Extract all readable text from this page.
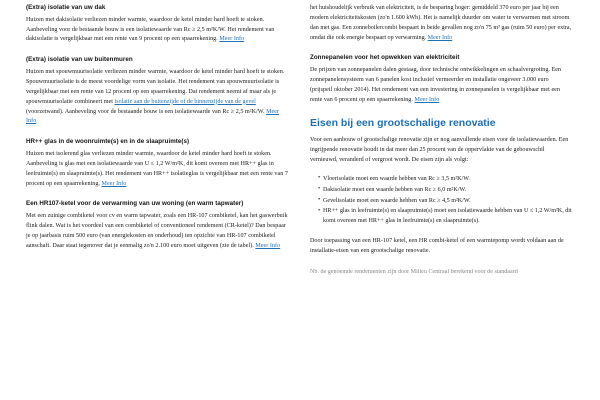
(Extra) isolatie van uw dak

Huizen met dakisolatie verliezen minder warmte, waardoor de ketel minder hard hoeft te stoken. Aanbeveling voor de bestaande bouw is een isolatiewaarde van Rc ≥ 2,5 m²K/W. Het rendement van dakisolatie is vergelijkbaar met een rente van 9 procent op een spaarrekening. Meer Info

(Extra) isolatie van uw buitenmuren

Huizen met spouwmuurisolatie verliezen minder warmte, waardoor de ketel minder hard hoeft te stoken. Spouwmuurisolatie is de meest voordelige vorm van isolatie. Het rendement van spouwmuurisolatie is vergelijkbaar met een rente van 12 procent op een spaarrekening. Dat rendement neemt af maar als je spouwmuurisolatie combineert met isolatie aan de buitenzijde of de binnenzijde van de gevel (voorzetwand). Aanbeveling voor de bestaande bouw is een isolatiewaarde van Rc ≥ 2,5 m²K/W. Meer Info

HR++ glas in de woonruimte(s) en in de slaapruimte(s)

Huizen met isolerend glas verliezen minder warmte, waardoor de ketel minder hard hoeft te stoken. Aanbeveling is glas met een isolatiewaarde van U ≤ 1,2 W/m²K, dit komt overeen met HR++ glas in leefruimte(s) en slaapruimte(s). Het rendement van HR++ isolatieglas is vergelijkbaar met een rente van 7 procent op een spaarrekening. Meer Info

Een HR107-ketel voor de verwarming van uw woning (en warm tapwater)

Met een zuinige combiketel voor cv en warm tapwater, zoals een HR-107 combiketel, kan het gaswerbuik flink dalen. Wat is het voordeel van een combiketel of conventioneel rendement (CR-ketel)? Dan bespaar je op jaarbasis ruim 500 euro (van energiekosten en onderhoud) ten opzichte van HR-107 combiketel aanschaft. Daar staat tegenover dat je eenmalig zo'n 2.100 euro moet uitgeven (zie de tabel). Meer Info

het huishoudelijk verbruik van elektriciteit, is de besparing hoger: gemiddeld 370 euro per jaar bij een modern elektriciteitskosten (zo'n 1.600 kWh). Het is namelijk duurder om water te verwarmen met stroom dan met gas. Een zonneboilercombi bespaart in beide gevallen nog zo'n 75 m³ gas (ruim 50 euro) per extra, omdat die ook energie bespaart op verwarming. Meer Info

Zonnepanelen voor het opwekken van elektriciteit

De prijzen van zonnepanelen dalen gestaag, door technische ontwikkelingen en schaalvergroting. Een zonnepanelensysteem van 6 panelen kost inclusief vermeerder en installatie ongeveer 3.000 euro (prijspeil oktober 2014). Het rendement van een investering in zonnepanelen is vergelijkbaar met een rente van 6 procent op een spaarrekening. Meer Info

Eisen bij een grootschalige renovatie

Voor een aanbouw of grootschalige renovatie zijn er nog aanvullende eisen voor de isolatiewaarden. Een ingrijpende renovatie houdt in dat meer dan 25 procent van de oppervlakte van de gebouwschil vernieuwd, veranderd of vergroot wordt. De eisen zijn als volgt:

• Vloerisolatie moet een waarde hebben van Rc ≥ 3,5 m²K/W.
• Dakisolatie moet een waarde hebben van Rc ≥ 6,0 m²K/W.
• Gevelisolatie moet een waarde hebben van Rc ≥ 4,5 m²K/W.
• HR++ glas in leefruimte(s) en slaapruimte(s) moet een isolatiewaarde hebben van U ≤ 1,2 W/m²K, dit komt overeen met HR++ glas in leefruimte(s) en slaapruimte(s).

Door toepassing van een HR-107 ketel, een HR combi-ketel of een warmtepomp wordt voldaan aan de installatie-eisen van een grootschalige renovatie.

Nb. de genoemde rendementen zijn door Milieu Centraal berekend voor de standaard
